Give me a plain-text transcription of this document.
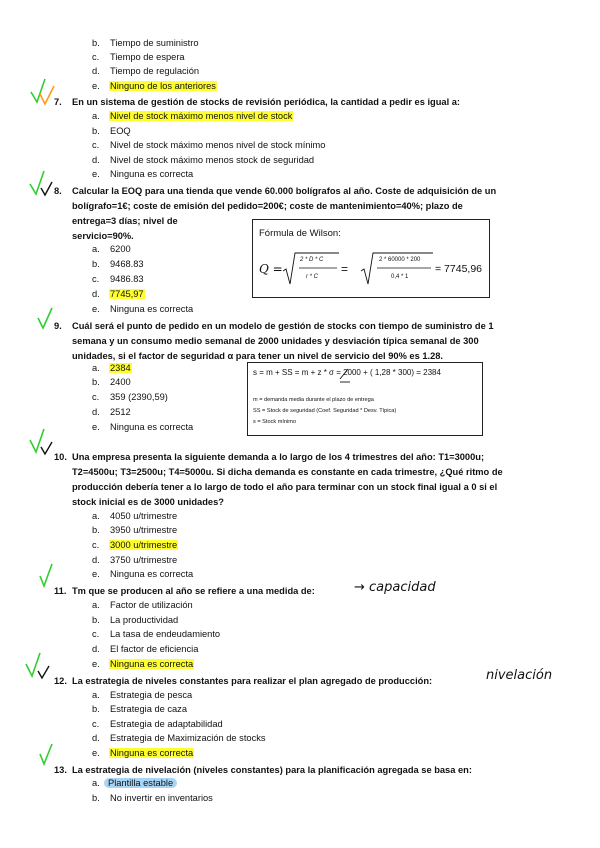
b. Tiempo de suministro
c. Tiempo de espera
d. Tiempo de regulación
e. Ninguno de los anteriores
7. En un sistema de gestión de stocks de revisión periódica, la cantidad a pedir es igual a:
a. Nivel de stock máximo menos nivel de stock
b. EOQ
c. Nivel de stock máximo menos nivel de stock mínimo
d. Nivel de stock máximo menos stock de seguridad
e. Ninguna es correcta
8. Calcular la EOQ para una tienda que vende 60.000 bolígrafos al año. Coste de adquisición de un
bolígrafo=1€; coste de emisión del pedido=200€; coste de mantenimiento=40%; plazo de
entrega=3 días; nivel de
servicio=90%.
a. 6200
b. 9468.83
c. 9486.83
d. 7745,97
e. Ninguna es correcta
Fórmula de Wilson:
Q =
2 * D * C
r * C
=
2 * 60000 * 200
0,4 * 1
= 7745,96
9. Cuál será el punto de pedido en un modelo de gestión de stocks con tiempo de suministro de 1
semana y un consumo medio semanal de 2000 unidades y desviación típica semanal de 300
unidades, si el factor de seguridad α para tener un nivel de servicio del 90% es 1.28.
a. 2384
b. 2400
c. 359 (2390,59)
d. 2512
e. Ninguna es correcta
s = m + SS = m + z * σ = 2000 + ( 1,28 * 300) = 2384
m = demanda media durante el plazo de entrega
SS = Stock de seguridad (Coef. Seguridad * Desv. Típica)
s = Stock mínimo
10. Una empresa presenta la siguiente demanda a lo largo de los 4 trimestres del año: T1=3000u;
T2=4500u; T3=2500u; T4=5000u. Si dicha demanda es constante en cada trimestre, ¿Qué ritmo de
producción debería tener a lo largo de todo el año para terminar con un stock final igual a 0 si el
stock inicial es de 3000 unidades?
a. 4050 u/trimestre
b. 3950 u/trimestre
c. 3000 u/trimestre
d. 3750 u/trimestre
e. Ninguna es correcta
11. Tm que se producen al año se refiere a una medida de:	→ capacidad
a. Factor de utilización
b. La productividad
c. La tasa de endeudamiento
d. El factor de eficiencia
e. Ninguna es correcta
12. La estrategia de niveles constantes para realizar el plan agregado de producción:	nivelación
a. Estrategia de pesca
b. Estrategia de caza
c. Estrategia de adaptabilidad
d. Estrategia de Maximización de stocks
e. Ninguna es correcta
13. La estrategia de nivelación (niveles constantes) para la planificación agregada se basa en:
a. Plantilla estable
b. No invertir en inventarios
